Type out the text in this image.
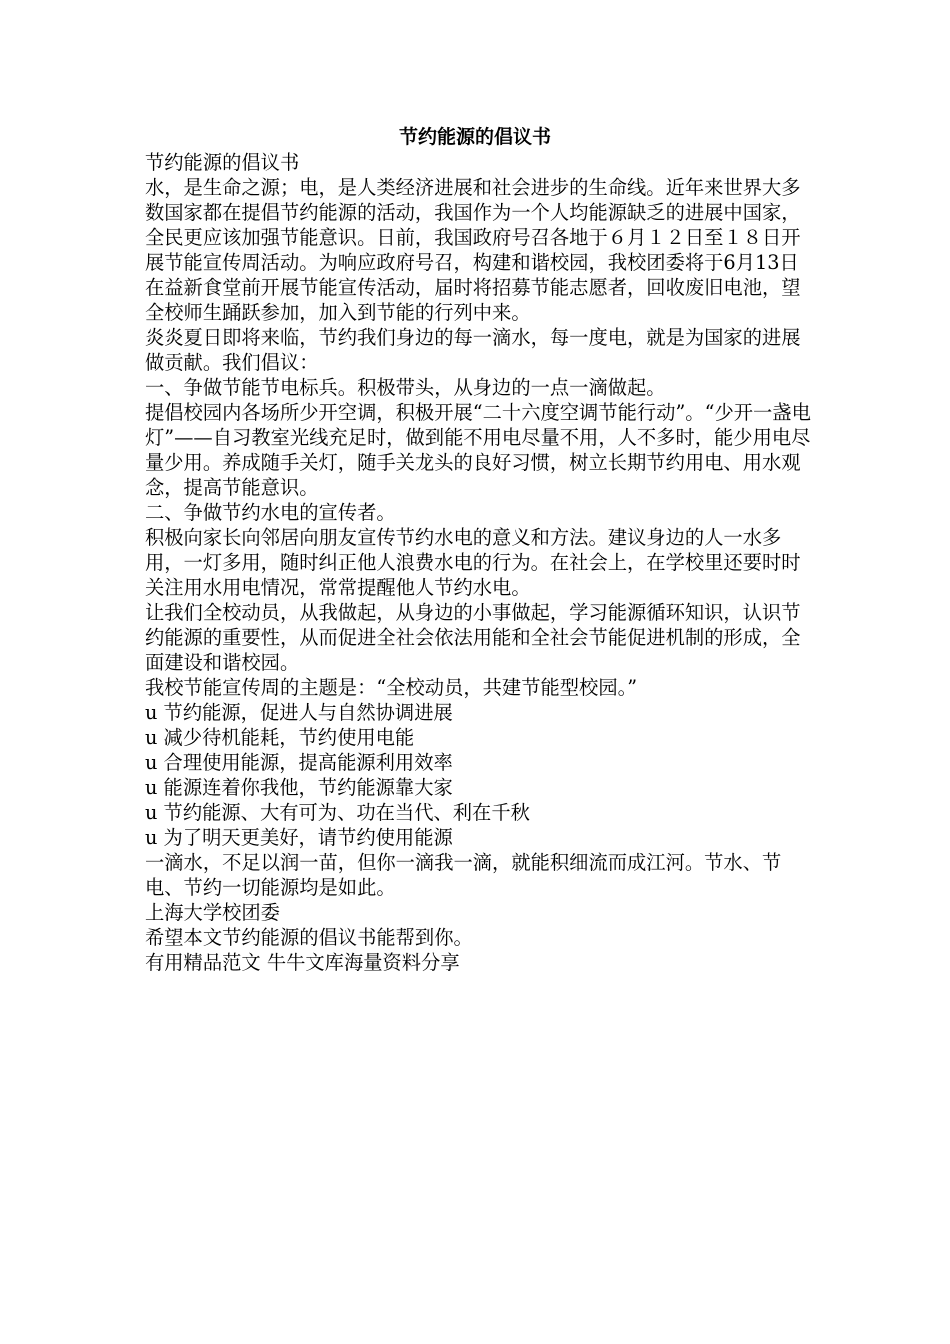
节约能源的倡议书

节约能源的倡议书

水，是生命之源；电，是人类经济进展和社会进步的生命线。近年来世界大多数国家都在提倡节约能源的活动，我国作为一个人均能源缺乏的进展中国家，全民更应该加强节能意识。日前，我国政府号召各地于６月１２日至１８日开展节能宣传周活动。为响应政府号召，构建和谐校园，我校团委将于6月13日在益新食堂前开展节能宣传活动，届时将招募节能志愿者，回收废旧电池，望全校师生踊跃参加，加入到节能的行列中来。

炎炎夏日即将来临，节约我们身边的每一滴水，每一度电，就是为国家的进展做贡献。我们倡议：

一、争做节能节电标兵。积极带头，从身边的一点一滴做起。

提倡校园内各场所少开空调，积极开展“二十六度空调节能行动”。“少开一盏电灯”——自习教室光线充足时，做到能不用电尽量不用，人不多时，能少用电尽量少用。养成随手关灯，随手关龙头的良好习惯，树立长期节约用电、用水观念，提高节能意识。

二、争做节约水电的宣传者。

积极向家长向邻居向朋友宣传节约水电的意义和方法。建议身边的人一水多用，一灯多用，随时纠正他人浪费水电的行为。在社会上，在学校里还要时时关注用水用电情况，常常提醒他人节约水电。

让我们全校动员，从我做起，从身边的小事做起，学习能源循环知识，认识节约能源的重要性，从而促进全社会依法用能和全社会节能促进机制的形成，全面建设和谐校园。

我校节能宣传周的主题是：“全校动员，共建节能型校园。”

u 节约能源，促进人与自然协调进展

u 减少待机能耗，节约使用电能

u 合理使用能源，提高能源利用效率

u 能源连着你我他，节约能源靠大家

u 节约能源、大有可为、功在当代、利在千秋

u 为了明天更美好，请节约使用能源

一滴水，不足以润一苗，但你一滴我一滴，就能积细流而成江河。节水、节电、节约一切能源均是如此。

上海大学校团委

希望本文节约能源的倡议书能帮到你。

有用精品范文 牛牛文库海量资料分享
